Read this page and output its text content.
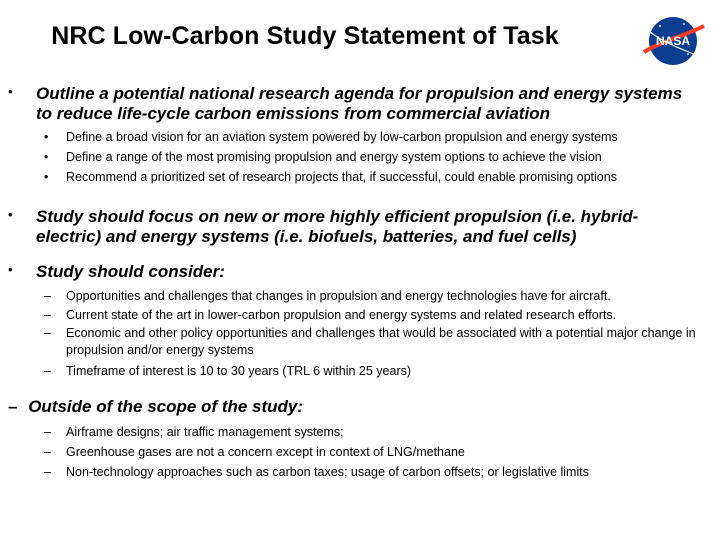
NRC Low-Carbon Study Statement of Task	NASA
• Outline a potential national research agenda for propulsion and energy systems to reduce life-cycle carbon emissions from commercial aviation
• Define a broad vision for an aviation system powered by low-carbon propulsion and energy systems
• Define a range of the most promising propulsion and energy system options to achieve the vision
• Recommend a prioritized set of research projects that, if successful, could enable promising options
• Study should focus on new or more highly efficient propulsion (i.e. hybrid-electric) and energy systems (i.e. biofuels, batteries, and fuel cells)
• Study should consider:
– Opportunities and challenges that changes in propulsion and energy technologies have for aircraft.
– Current state of the art in lower-carbon propulsion and energy systems and related research efforts.
– Economic and other policy opportunities and challenges that would be associated with a potential major change in propulsion and/or energy systems
– Timeframe of interest is 10 to 30 years (TRL 6 within 25 years)
– Outside of the scope of the study:
– Airframe designs; air traffic management systems;
– Greenhouse gases are not a concern except in context of LNG/methane
– Non-technology approaches such as carbon taxes; usage of carbon offsets; or legislative limits
